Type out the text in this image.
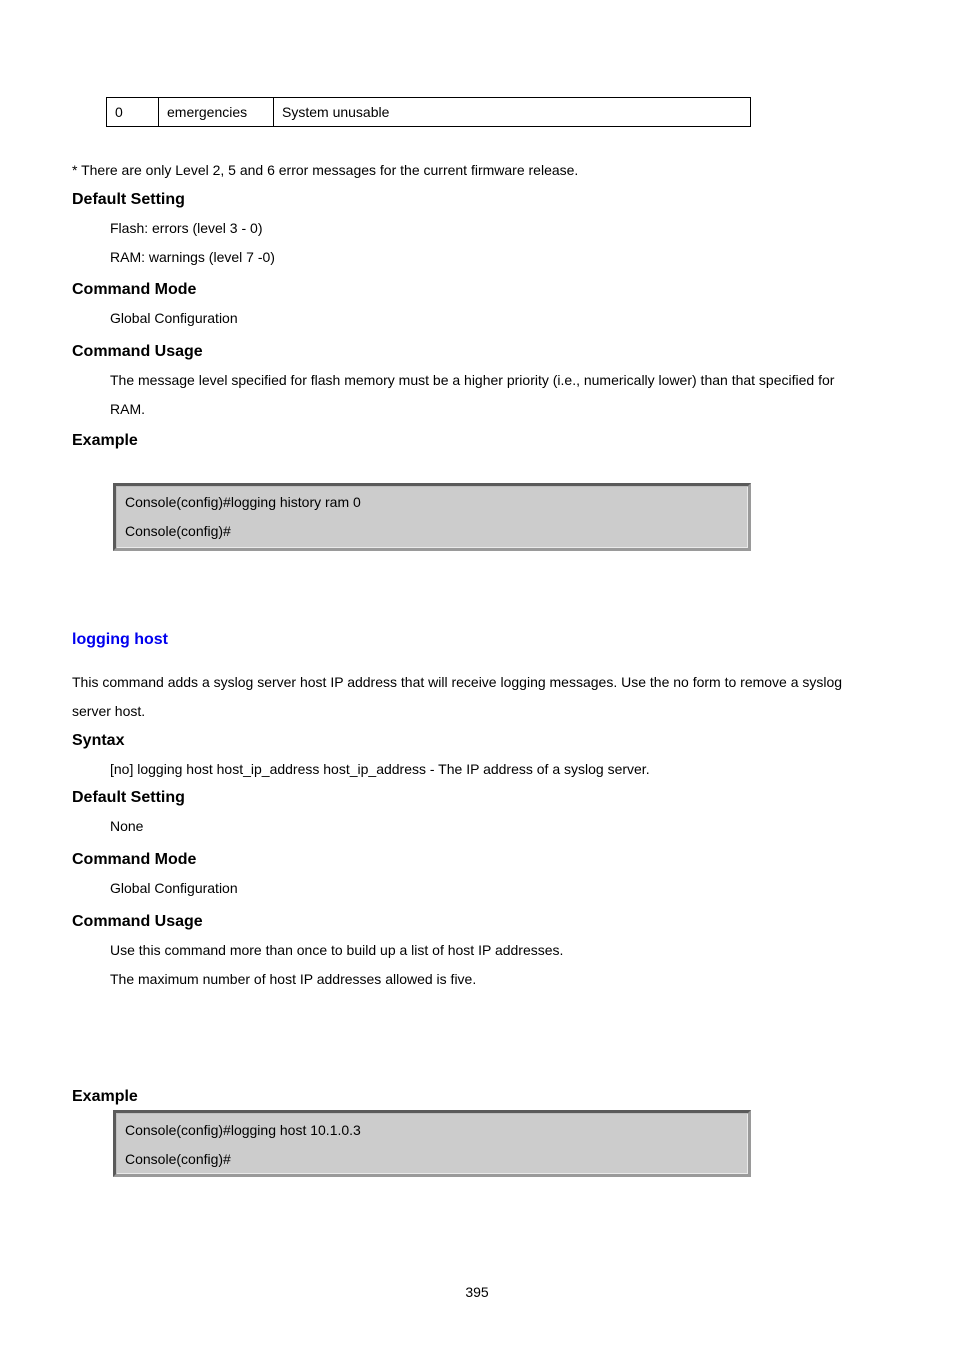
0	emergencies	System unusable
* There are only Level 2, 5 and 6 error messages for the current firmware release.
Default Setting
Flash: errors (level 3 - 0)
RAM: warnings (level 7 -0)
Command Mode
Global Configuration
Command Usage
The message level specified for flash memory must be a higher priority (i.e., numerically lower) than that specified for
RAM.
Example
Console(config)#logging history ram 0
Console(config)#
logging host
This command adds a syslog server host IP address that will receive logging messages. Use the no form to remove a syslog
server host.
Syntax
[no] logging host host_ip_address host_ip_address - The IP address of a syslog server.
Default Setting
None
Command Mode
Global Configuration
Command Usage
Use this command more than once to build up a list of host IP addresses.
The maximum number of host IP addresses allowed is five.
Example
Console(config)#logging host 10.1.0.3
Console(config)#
395
